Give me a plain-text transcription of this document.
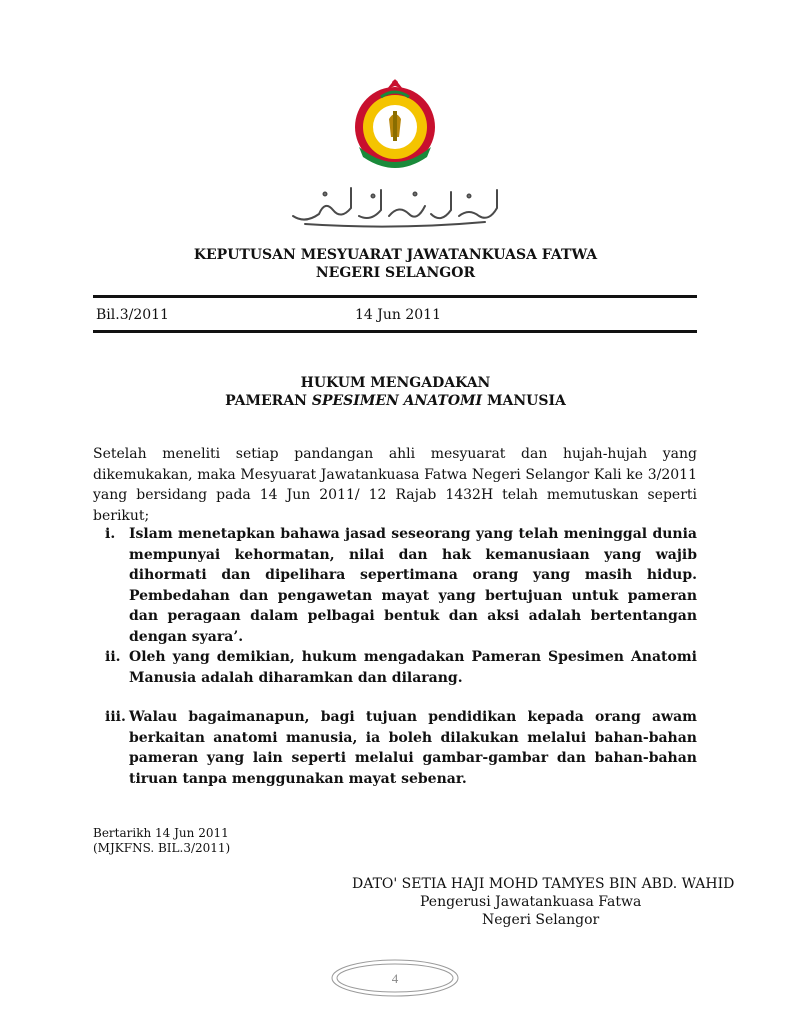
KEPUTUSAN MESYUARAT JAWATANKUASA FATWA
NEGERI SELANGOR
Bil.3/2011	14 Jun 2011
HUKUM MENGADAKAN
PAMERAN SPESIMEN ANATOMI MANUSIA
Setelah meneliti setiap pandangan ahli mesyuarat dan hujah-hujah yang dikemukakan, maka Mesyuarat Jawatankuasa Fatwa Negeri Selangor Kali ke 3/2011 yang bersidang pada 14 Jun 2011/ 12 Rajab 1432H telah memutuskan seperti berikut;
i. Islam menetapkan bahawa jasad seseorang yang telah meninggal dunia mempunyai kehormatan, nilai dan hak kemanusiaan yang wajib dihormati dan dipelihara sepertimana orang yang masih hidup. Pembedahan dan pengawetan mayat yang bertujuan untuk pameran dan peragaan dalam pelbagai bentuk dan aksi adalah bertentangan dengan syara’.
ii. Oleh yang demikian, hukum mengadakan Pameran Spesimen Anatomi Manusia adalah diharamkan dan dilarang.
iii. Walau bagaimanapun, bagi tujuan pendidikan kepada orang awam berkaitan anatomi manusia, ia boleh dilakukan melalui bahan-bahan pameran yang lain seperti melalui gambar-gambar dan bahan-bahan tiruan tanpa menggunakan mayat sebenar.
Bertarikh 14 Jun 2011
(MJKFNS. BIL.3/2011)
DATO' SETIA HAJI MOHD TAMYES BIN ABD. WAHID
Pengerusi Jawatankuasa Fatwa
Negeri Selangor
4
